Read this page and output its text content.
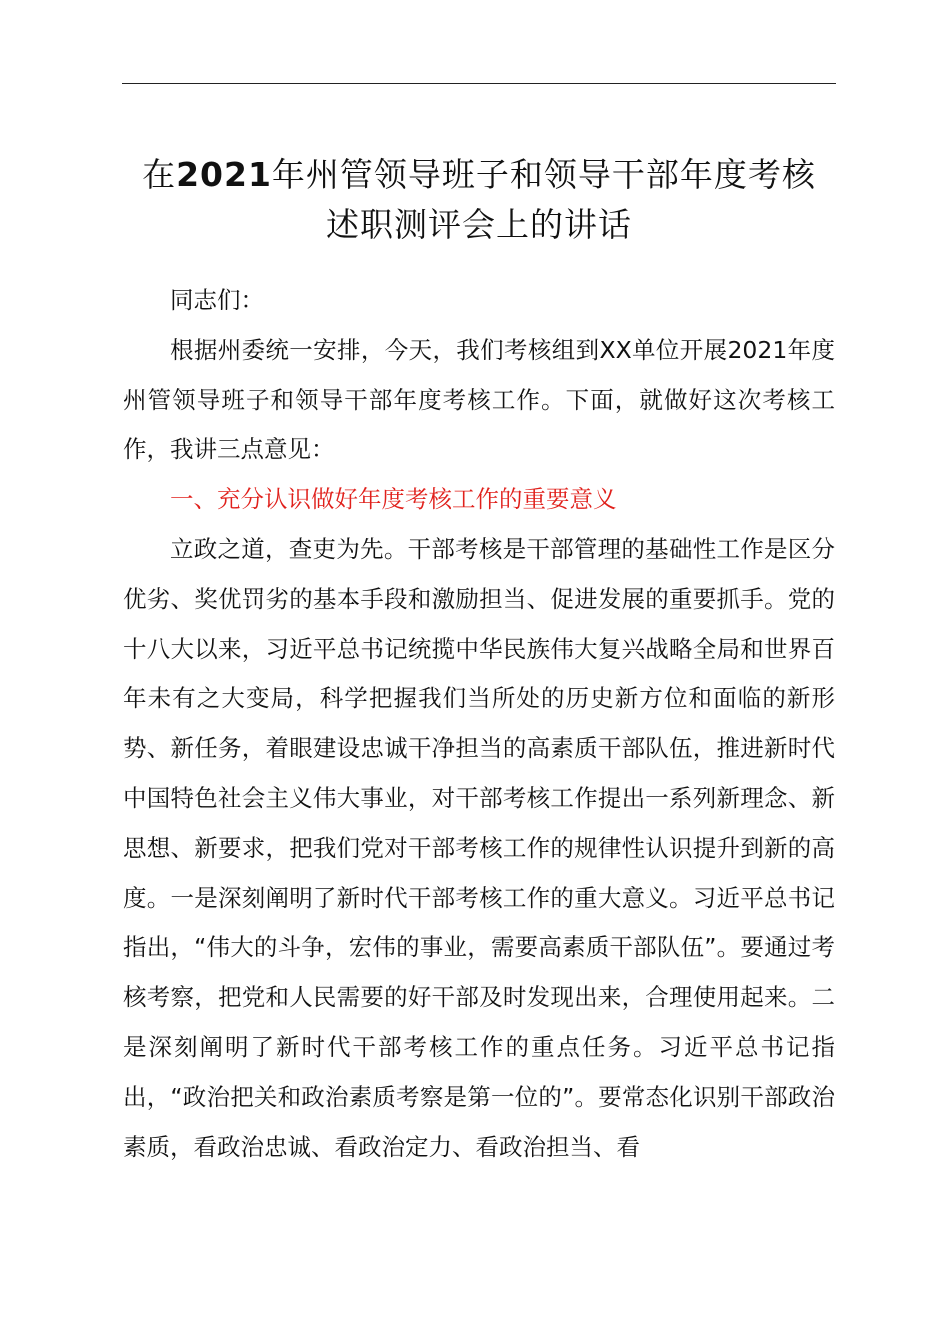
在2021年州管领导班子和领导干部年度考核
述职测评会上的讲话

同志们：

根据州委统一安排，今天，我们考核组到XX单位开展2021年度州管领导班子和领导干部年度考核工作。下面，就做好这次考核工作，我讲三点意见：

一、充分认识做好年度考核工作的重要意义

立政之道，查吏为先。干部考核是干部管理的基础性工作是区分优劣、奖优罚劣的基本手段和激励担当、促进发展的重要抓手。党的十八大以来，习近平总书记统揽中华民族伟大复兴战略全局和世界百年未有之大变局，科学把握我们当所处的历史新方位和面临的新形势、新任务，着眼建设忠诚干净担当的高素质干部队伍，推进新时代中国特色社会主义伟大事业，对干部考核工作提出一系列新理念、新思想、新要求，把我们党对干部考核工作的规律性认识提升到新的高度。一是深刻阐明了新时代干部考核工作的重大意义。习近平总书记指出，“伟大的斗争，宏伟的事业，需要高素质干部队伍”。要通过考核考察，把党和人民需要的好干部及时发现出来，合理使用起来。二是深刻阐明了新时代干部考核工作的重点任务。习近平总书记指出，“政治把关和政治素质考察是第一位的”。要常态化识别干部政治素质，看政治忠诚、看政治定力、看政治担当、看
